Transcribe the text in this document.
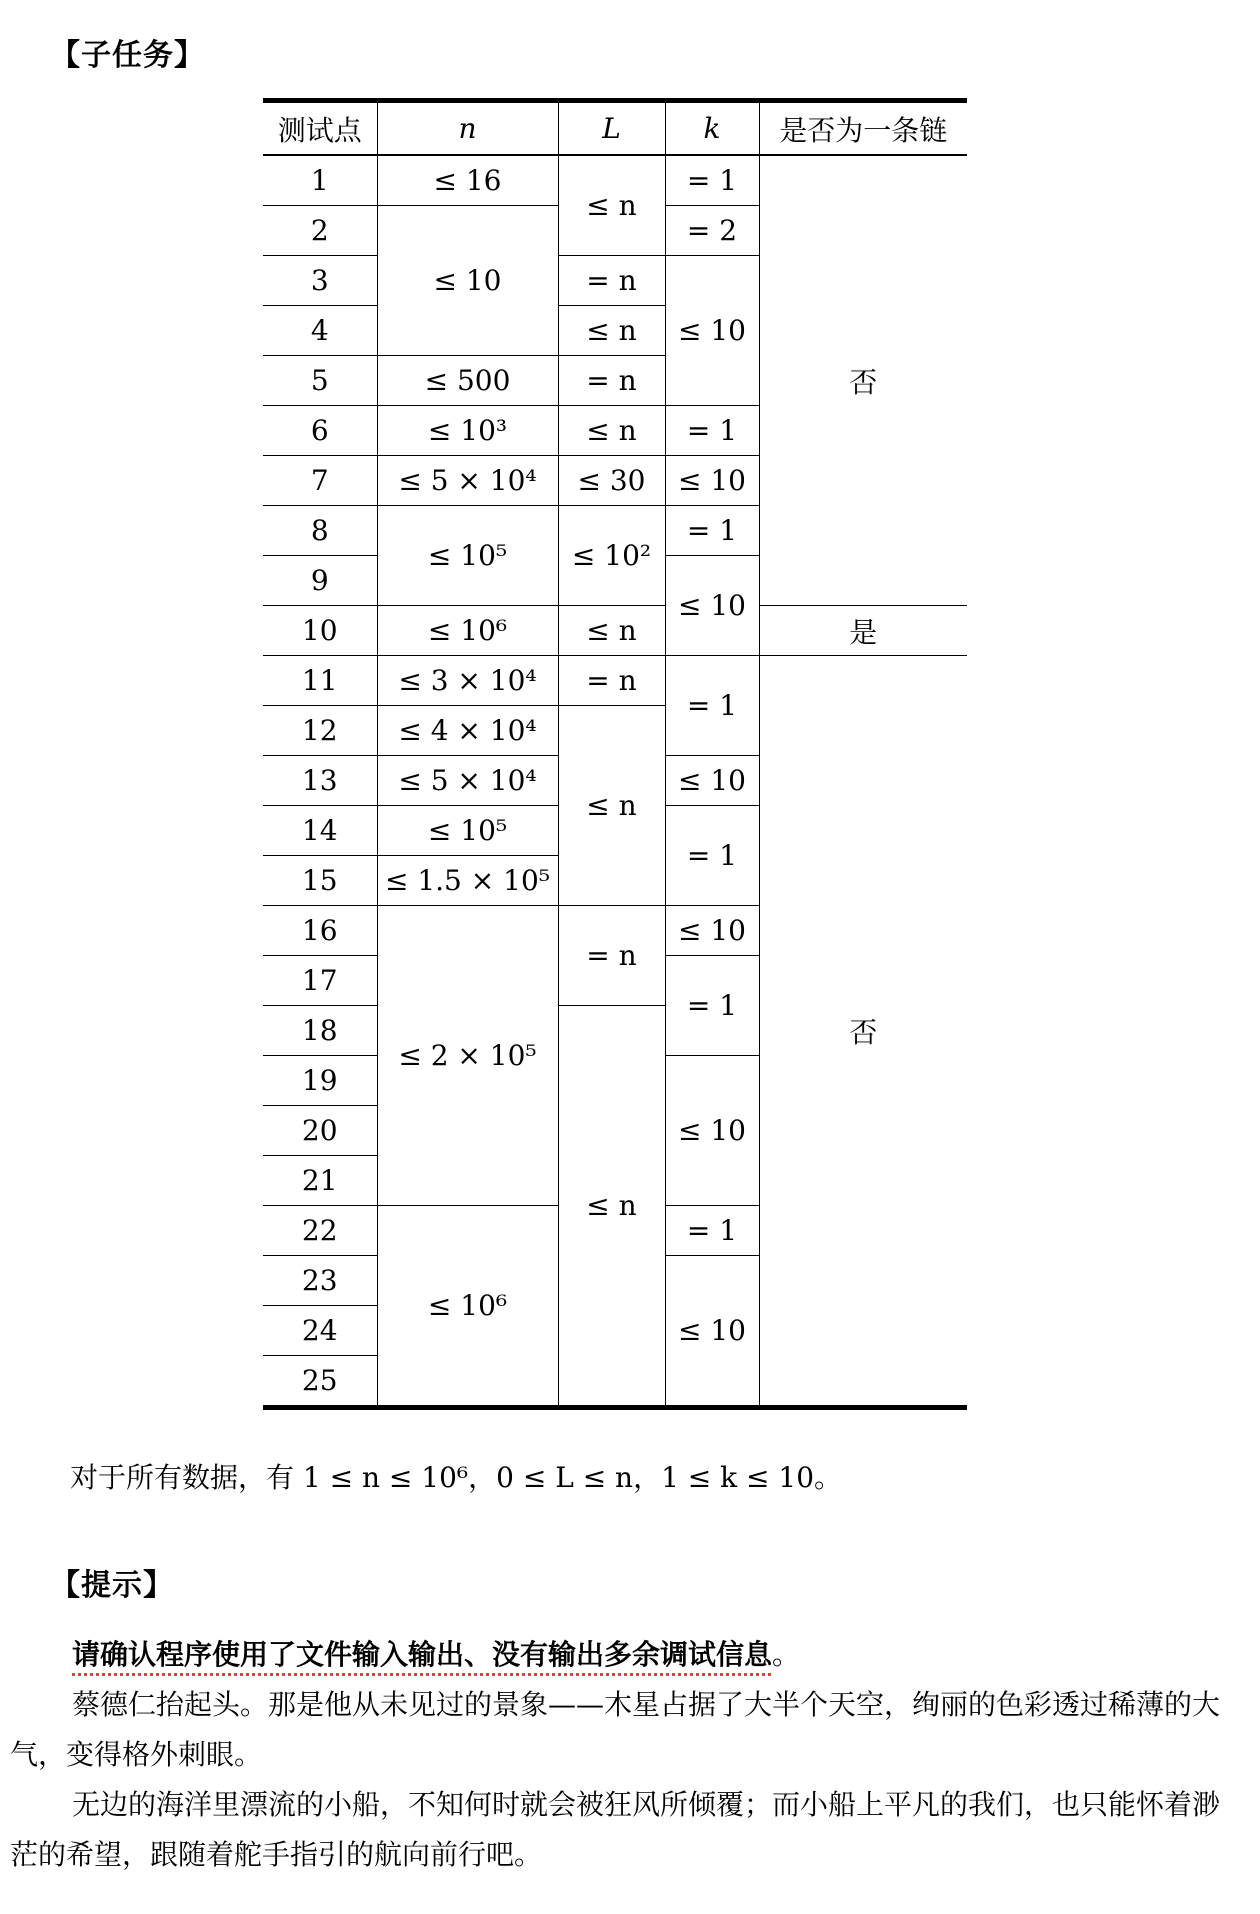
【子任务】
测试点	n	L	k	是否为一条链
1	≤ 16	≤ n	= 1	否
2	≤ 10		= 2	
3		= n	≤ 10	
4		≤ n		
5	≤ 500	= n		
6	≤ 10³	≤ n	= 1	
7	≤ 5 × 10⁴	≤ 30	≤ 10	
8	≤ 10⁵	≤ 10²	= 1	
9			≤ 10	
10	≤ 10⁶	≤ n		是
11	≤ 3 × 10⁴	= n	= 1	否
12	≤ 4 × 10⁴	≤ n		
13	≤ 5 × 10⁴		≤ 10	
14	≤ 10⁵		= 1	
15	≤ 1.5 × 10⁵			
16	≤ 2 × 10⁵	= n	≤ 10	
17			= 1	
18		≤ n		
19			≤ 10	
20				
21				
22	≤ 10⁶		= 1	
23			≤ 10	
24				
25				
对于所有数据，有 1 ≤ n ≤ 10⁶，0 ≤ L ≤ n，1 ≤ k ≤ 10。
【提示】
请确认程序使用了文件输入输出、没有输出多余调试信息。

蔡德仁抬起头。那是他从未见过的景象——木星占据了大半个天空，绚丽的色彩透过稀薄的大气，变得格外刺眼。

无边的海洋里漂流的小船，不知何时就会被狂风所倾覆；而小船上平凡的我们，也只能怀着渺茫的希望，跟随着舵手指引的航向前行吧。
